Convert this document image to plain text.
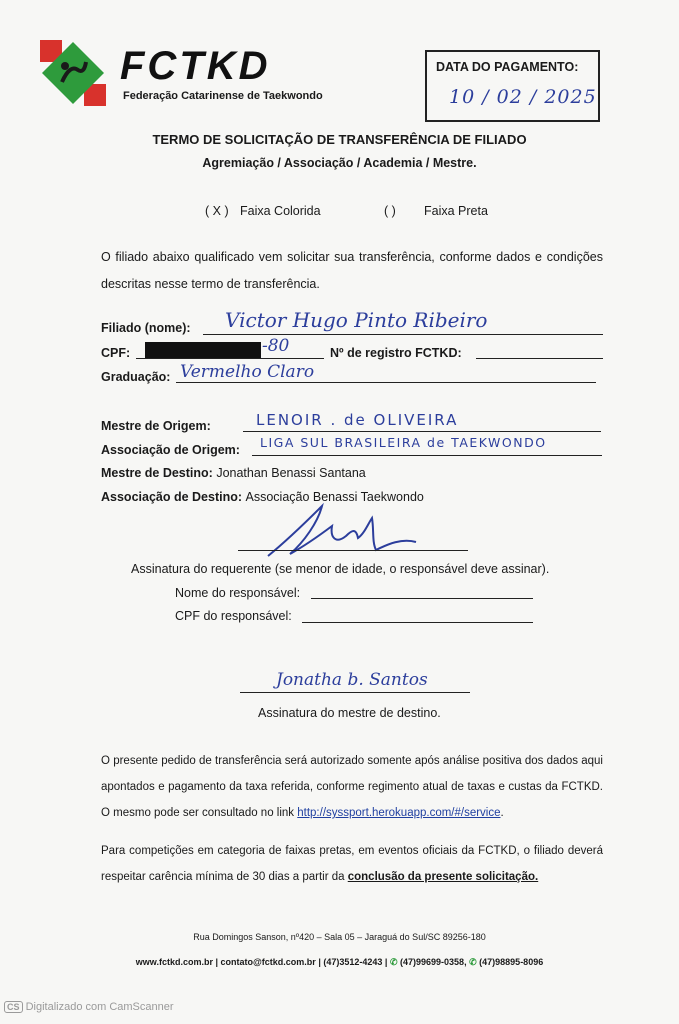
FCTKD
Federação Catarinense de Taekwondo
DATA DO PAGAMENTO:
10 / 02 / 2025
TERMO DE SOLICITAÇÃO DE TRANSFERÊNCIA DE FILIADO
Agremiação / Associação / Academia / Mestre.
( X ) Faixa Colorida	( ) Faixa Preta
O filiado abaixo qualificado vem solicitar sua transferência, conforme dados e condições descritas nesse termo de transferência.
Filiado (nome): Victor Hugo Pinto Ribeiro
CPF:	-80	Nº de registro FCTKD:
Graduação: Vermelho Claro
Mestre de Origem:	LENOIR . de OLIVEIRA
Associação de Origem: LIGA SUL BRASILEIRA de TAEKWONDO
Mestre de Destino: Jonathan Benassi Santana
Associação de Destino: Associação Benassi Taekwondo
Assinatura do requerente (se menor de idade, o responsável deve assinar).
Nome do responsável:
CPF do responsável:
Jonatha b. Santos
Assinatura do mestre de destino.
O presente pedido de transferência será autorizado somente após análise positiva dos dados aqui apontados e pagamento da taxa referida, conforme regimento atual de taxas e custas da FCTKD. O mesmo pode ser consultado no link http://syssport.herokuapp.com/#/service.
Para competições em categoria de faixas pretas, em eventos oficiais da FCTKD, o filiado deverá respeitar carência mínima de 30 dias a partir da conclusão da presente solicitação.
Rua Domingos Sanson, nº420 – Sala 05 – Jaraguá do Sul/SC 89256-180
www.fctkd.com.br | contato@fctkd.com.br | (47)3512-4243 | ✆ (47)99699-0358, ✆ (47)98895-8096
CS Digitalizado com CamScanner
